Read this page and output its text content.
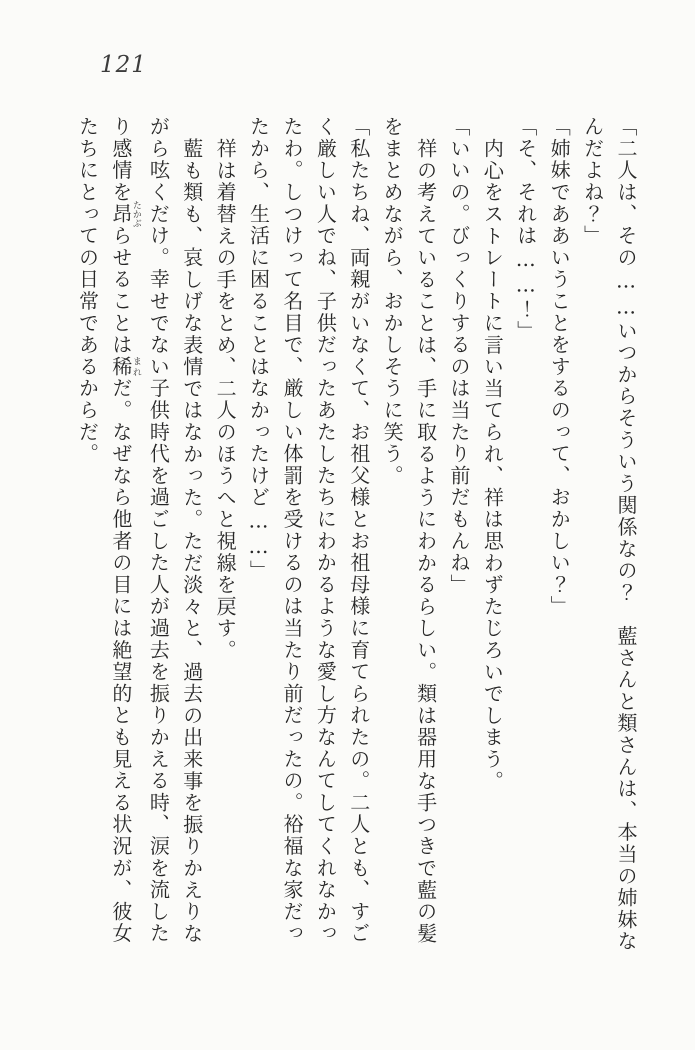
121

「二人は、その……いつからそういう関係なの？　藍さんと類さんは、本当の姉妹な

んだよね？」

「姉妹でああいうことをするのって、おかしい？」

「そ、それは……！」

内心をストレートに言い当てられ、祥は思わずたじろいでしまう。

「いいの。びっくりするのは当たり前だもんね」

祥の考えていることは、手に取るようにわかるらしい。類は器用な手つきで藍の髪

をまとめながら、おかしそうに笑う。

「私たちね、両親がいなくて、お祖父様とお祖母様に育てられたの。二人とも、すご

く厳しい人でね、子供だったあたしたちにわかるような愛し方なんてしてくれなかっ

たわ。しつけって名目で、厳しい体罰を受けるのは当たり前だったの。裕福な家だっ

たから、生活に困ることはなかったけど……」

祥は着替えの手をとめ、二人のほうへと視線を戻す。

藍も類も、哀しげな表情ではなかった。ただ淡々と、過去の出来事を振りかえりな

がら呟くだけ。幸せでない子供時代を過ごした人が過去を振りかえる時、涙を流した

り感情を昂たかぶらせることは稀まれだ。なぜなら他者の目には絶望的とも見える状況が、彼女

たちにとっての日常であるからだ。
